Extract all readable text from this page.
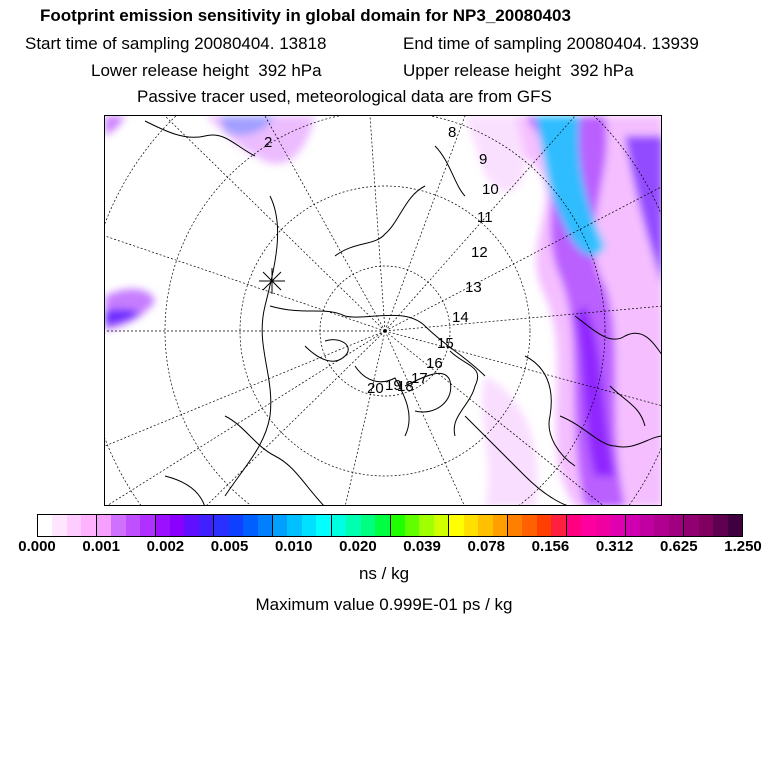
Footprint emission sensitivity in global domain for NP3_20080403
Start time of sampling 20080404. 13818	End time of sampling 20080404. 13939
Lower release height  392 hPa	Upper release height  392 hPa
Passive tracer used, meteorological data are from GFS
2
8
9
10
11
12
13
14
15
16
17
18
19
20
ns / kg
Maximum value 0.999E-01 ps / kg
0.000 0.001 0.002 0.005 0.010 0.020 0.039 0.078 0.156 0.312 0.625 1.250
